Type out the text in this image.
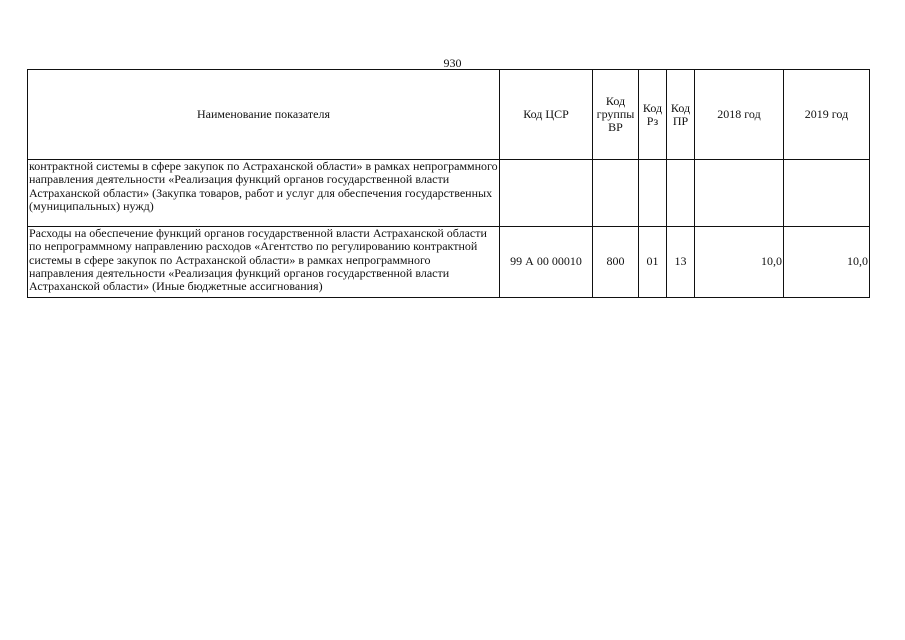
930
Наименование показателя	Код ЦСР	Код группы ВР	Код Рз	Код ПР	2018 год	2019 год
контрактной системы в сфере закупок по Астраханской области» в рамках непрограммного направления деятельности «Реализация функций органов государственной власти Астраханской области» (Закупка товаров, работ и услуг для обеспечения государственных (муниципальных) нужд)						
Расходы на обеспечение функций органов государственной власти Астраханской области по непрограммному направлению расходов «Агентство по регулированию контрактной системы в сфере закупок по Астраханской области» в рамках непрограммного направления деятельности «Реализация функций органов государственной власти Астраханской области» (Иные бюджетные ассигнования)	99 А 00 00010	800	01	13	10,0	10,0
